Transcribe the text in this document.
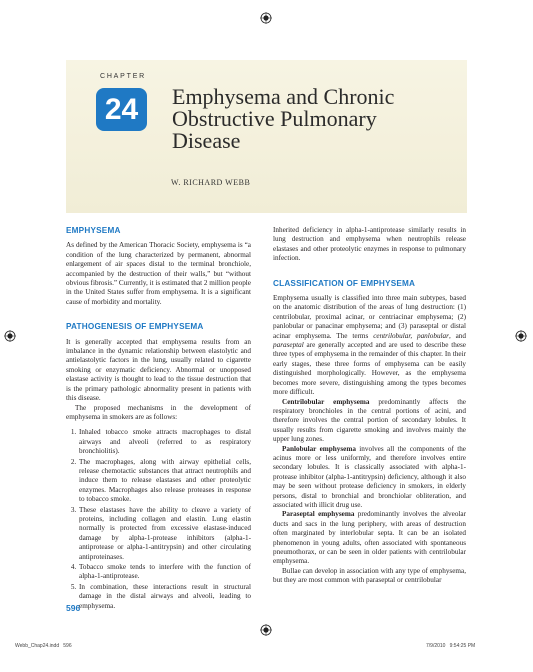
CHAPTER
24	Emphysema and Chronic
Obstructive Pulmonary
Disease
W. RICHARD WEBB
EMPHYSEMA

As defined by the American Thoracic Society, emphysema is “a condition of the lung characterized by permanent, abnormal enlargement of air spaces distal to the terminal bronchiole, accompanied by the destruction of their walls,” but “without obvious fibrosis.” Currently, it is estimated that 2 million people in the United States suffer from emphysema. It is a significant cause of morbidity and mortality.

PATHOGENESIS OF EMPHYSEMA

It is generally accepted that emphysema results from an imbalance in the dynamic relationship between elastolytic and antielastolytic factors in the lung, usually related to cigarette smoking or enzymatic deficiency. Abnormal or unopposed elastase activity is thought to lead to the tissue destruction that is the primary pathologic abnormality present in patients with this disease.

The proposed mechanisms in the development of emphysema in smokers are as follows:

1. Inhaled tobacco smoke attracts macrophages to distal airways and alveoli (referred to as respiratory bronchiolitis).
2. The macrophages, along with airway epithelial cells, release chemotactic substances that attract neutrophils and induce them to release elastases and other proteolytic enzymes. Macrophages also release proteases in response to tobacco smoke.
3. These elastases have the ability to cleave a variety of proteins, including collagen and elastin. Lung elastin normally is protected from excessive elastase-induced damage by alpha-1-protease inhibitors (alpha-1-antiprotease or alpha-1-antitrypsin) and other circulating antiproteinases.
4. Tobacco smoke tends to interfere with the function of alpha-1-antiprotease.
5. In combination, these interactions result in structural damage in the distal airways and alveoli, leading to emphysema.

Inherited deficiency in alpha-1-antiprotease similarly results in lung destruction and emphysema when neutrophils release elastases and other proteolytic enzymes in response to pulmonary infection.

CLASSIFICATION OF EMPHYSEMA

Emphysema usually is classified into three main subtypes, based on the anatomic distribution of the areas of lung destruction: (1) centrilobular, proximal acinar, or centriacinar emphysema; (2) panlobular or panacinar emphysema; and (3) paraseptal or distal acinar emphysema. The terms centrilobular, panlobular, and paraseptal are generally accepted and are used to describe these three types of emphysema in the remainder of this chapter. In their early stages, these three forms of emphysema can be easily distinguished morphologically. However, as the emphysema becomes more severe, distinguishing among the types becomes more difficult.

Centrilobular emphysema predominantly affects the respiratory bronchioles in the central portions of acini, and therefore involves the central portion of secondary lobules. It usually results from cigarette smoking and involves mainly the upper lung zones.

Panlobular emphysema involves all the components of the acinus more or less uniformly, and therefore involves entire secondary lobules. It is classically associated with alpha-1-protease inhibitor (alpha-1-antitrypsin) deficiency, although it also may be seen without protease deficiency in smokers, in elderly persons, distal to bronchial and bronchiolar obliteration, and associated with illicit drug use.

Paraseptal emphysema predominantly involves the alveolar ducts and sacs in the lung periphery, with areas of destruction often marginated by interlobular septa. It can be an isolated phenomenon in young adults, often associated with spontaneous pneumothorax, or can be seen in older patients with centrilobular emphysema.

Bullae can develop in association with any type of emphysema, but they are most common with paraseptal or centrilobular

596
Webb_Chap24.indd   596	7/9/2010   9:54:25 PM
